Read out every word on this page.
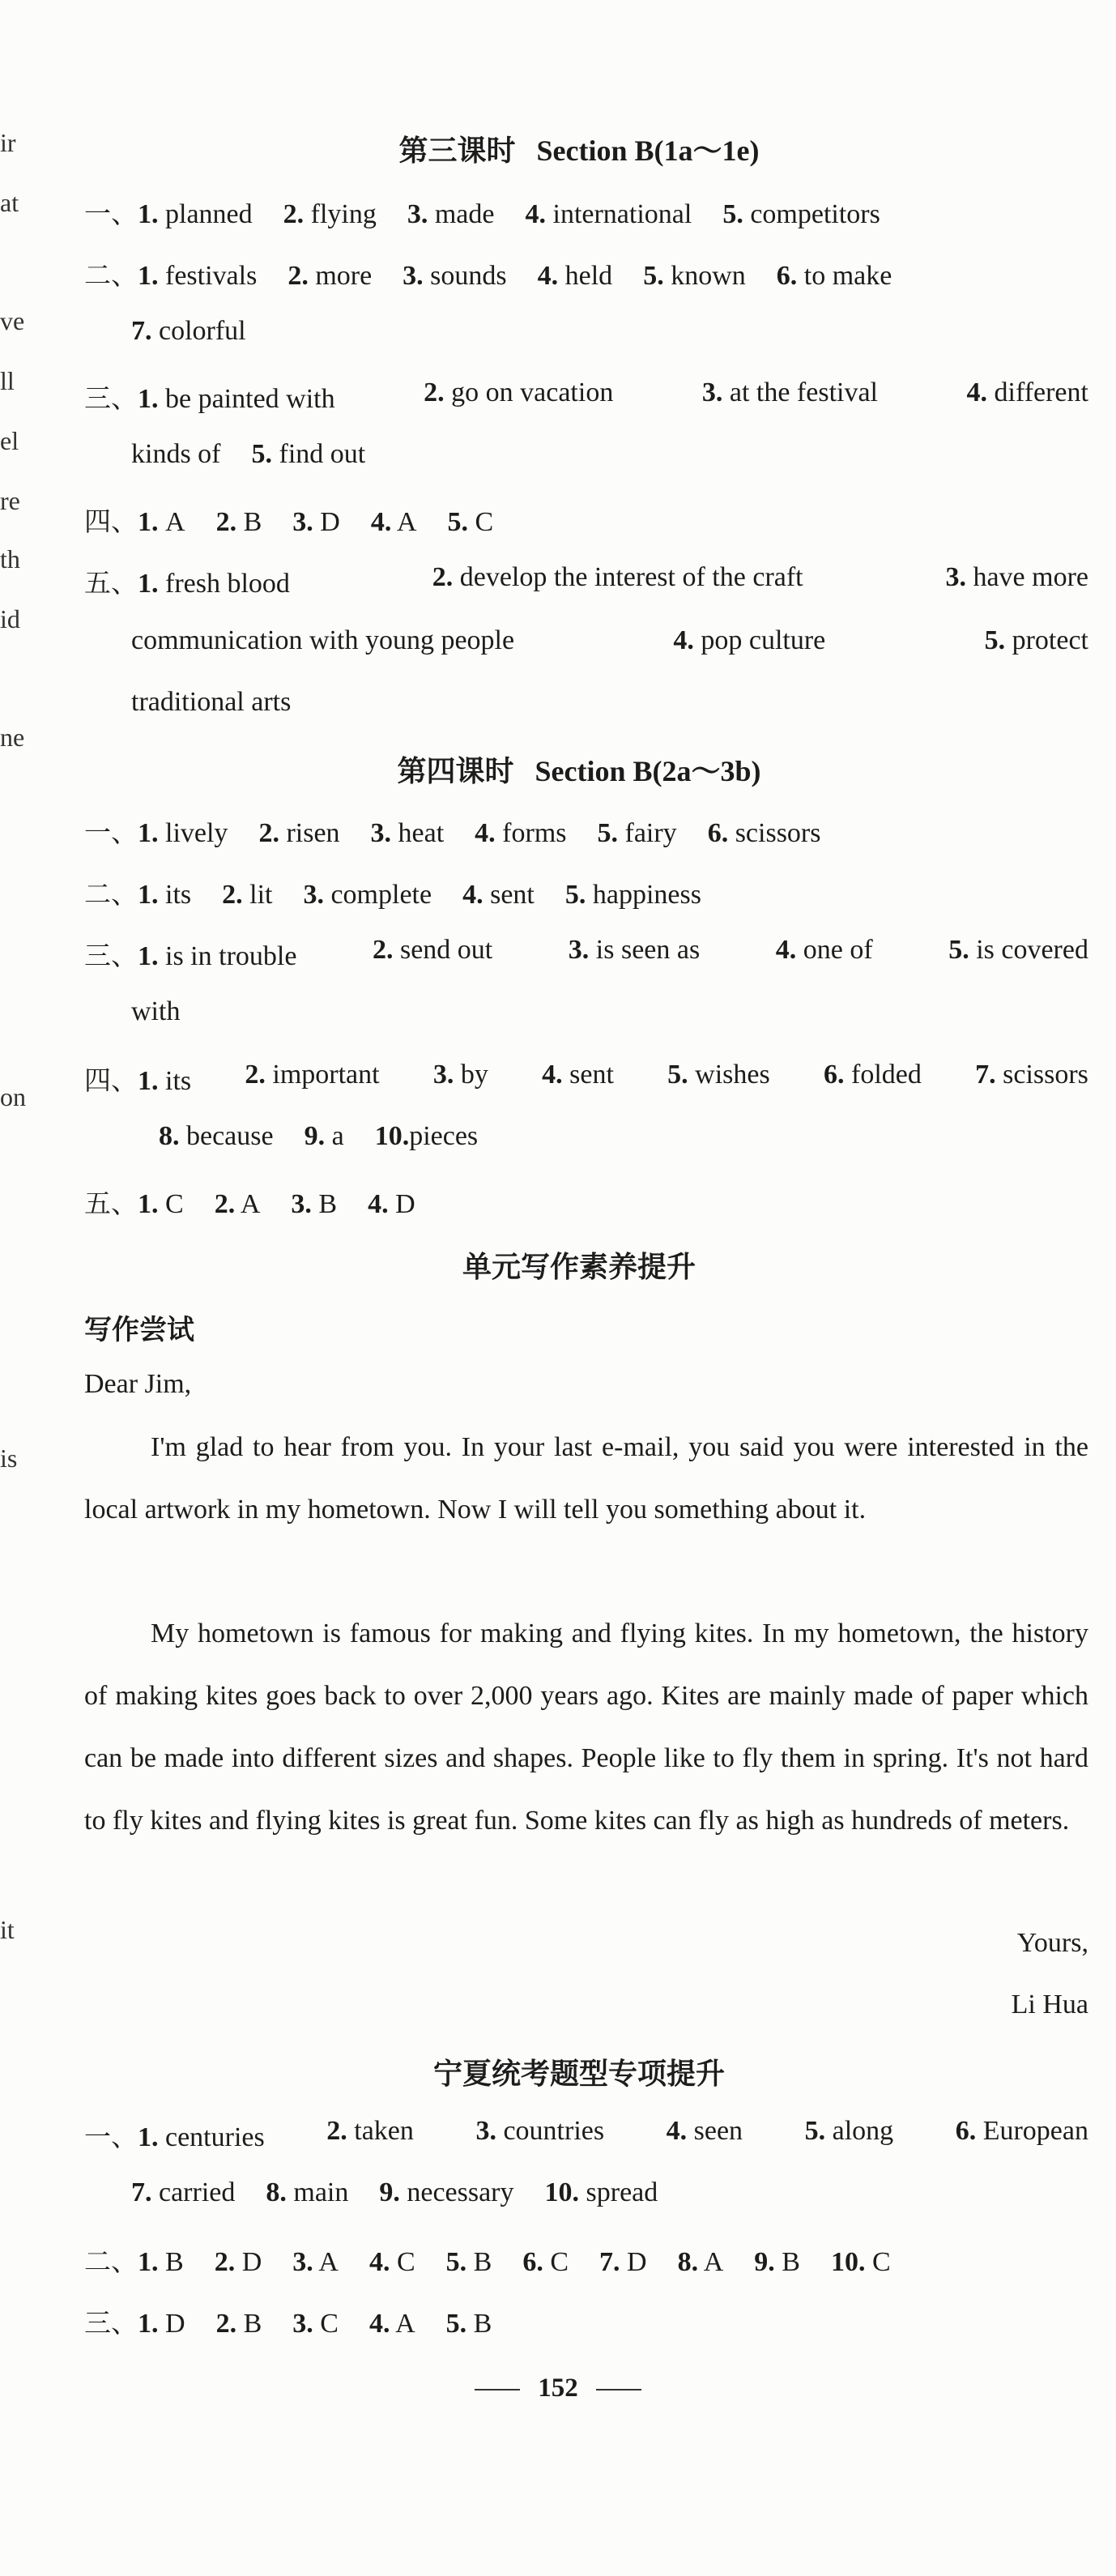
ir
at
ve
ll
el
re
th
id
ne
on
is
it
第三课时 Section B(1a～1e)
一、1. planned 2. flying 3. made 4. international 5. competitors
二、1. festivals 2. more 3. sounds 4. held 5. known 6. to make
7. colorful
三、1. be painted with	2. go on vacation	3. at the festival	4. different
kinds of 5. find out
四、1. A 2. B 3. D 4. A 5. C
五、1. fresh blood	2. develop the interest of the craft	3. have more
communication with young people	4. pop culture	5. protect
traditional arts
第四课时 Section B(2a～3b)
一、1. lively 2. risen 3. heat 4. forms 5. fairy 6. scissors
二、1. its 2. lit 3. complete 4. sent 5. happiness
三、1. is in trouble	2. send out	3. is seen as	4. one of	5. is covered
with
四、1. its 2. important 3. by 4. sent 5. wishes 6. folded 7. scissors
8. because 9. a 10.pieces
五、1. C 2. A 3. B 4. D
单元写作素养提升
写作尝试
Dear Jim,
I'm glad to hear from you. In your last e-mail, you said you were interested in the local artwork in my hometown. Now I will tell you something about it.
My hometown is famous for making and flying kites. In my hometown, the history of making kites goes back to over 2,000 years ago. Kites are mainly made of paper which can be made into different sizes and shapes. People like to fly them in spring. It's not hard to fly kites and flying kites is great fun. Some kites can fly as high as hundreds of meters.
Yours,
Li Hua
宁夏统考题型专项提升
一、1. centuries 2. taken 3. countries 4. seen 5. along 6. European
7. carried 8. main 9. necessary 10. spread
二、1. B 2. D 3. A 4. C 5. B 6. C 7. D 8. A 9. B 10. C
三、1. D 2. B 3. C 4. A 5. B
152
